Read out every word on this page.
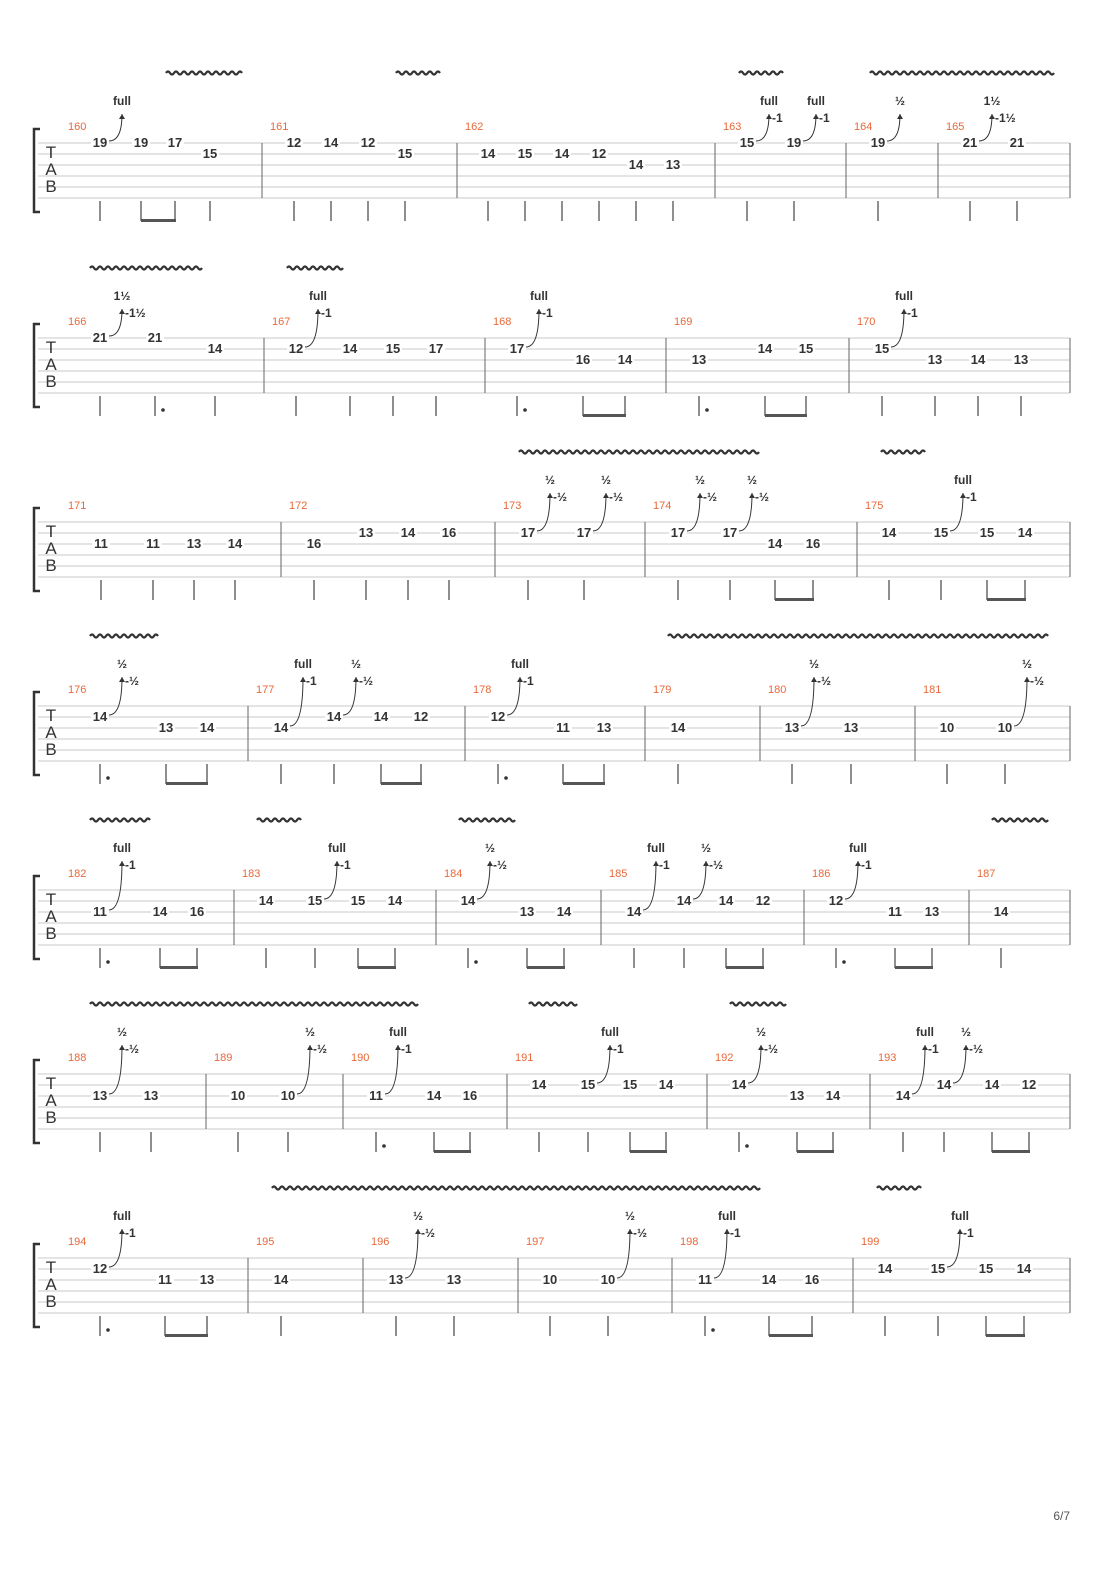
T
A
B
160
19
full
19 17
15
161
12 14 12
15
162
14 15 14 12
14 13
163
15
full
-1
19
full
-1
164
19
½
165
21
1½
-1½
21
T
A
B
166
21
1½
-1½
21
14
167
12
full
-1
14 15 17
168
17
full
-1
16 14
169
13
14 15
170
15
full
-1
13 14 13
T
A
B
171
11	11 13 14
172
16
13 14 16
173
17
½
-½
17
½
-½
174
17
½
-½
17
½
-½
14 16
175
14	15
full
-1
15 14
T
A
B
176
14
½
-½
13 14
177
14
full
-1
14
½
-½
14 12
178
12
full
-1
11 13
179
14
180
13
½
-½
13
181
10	10
½
-½
T
A
B
182
11
full
-1
14 16
183
14	15
full
-1
15 14
184
14
½
-½
13 14
185
14
full
-1
14
½
-½
14 12
186
12
full
-1
11 13
187
14
T
A
B
188
13
½
-½
13
189
10	10
½
-½
190
11
full
-1
14 16
191
14	15
full
-1
15 14
192
14
½
-½
13 14
193
14
full
-1
14
½
-½
14 12
T
A
B
194
12
full
-1
11 13
195
14
196
13
½
-½
13
197
10	10
½
-½
198
11
full
-1
14 16
199
14	15
full
-1
15 14
6/7
